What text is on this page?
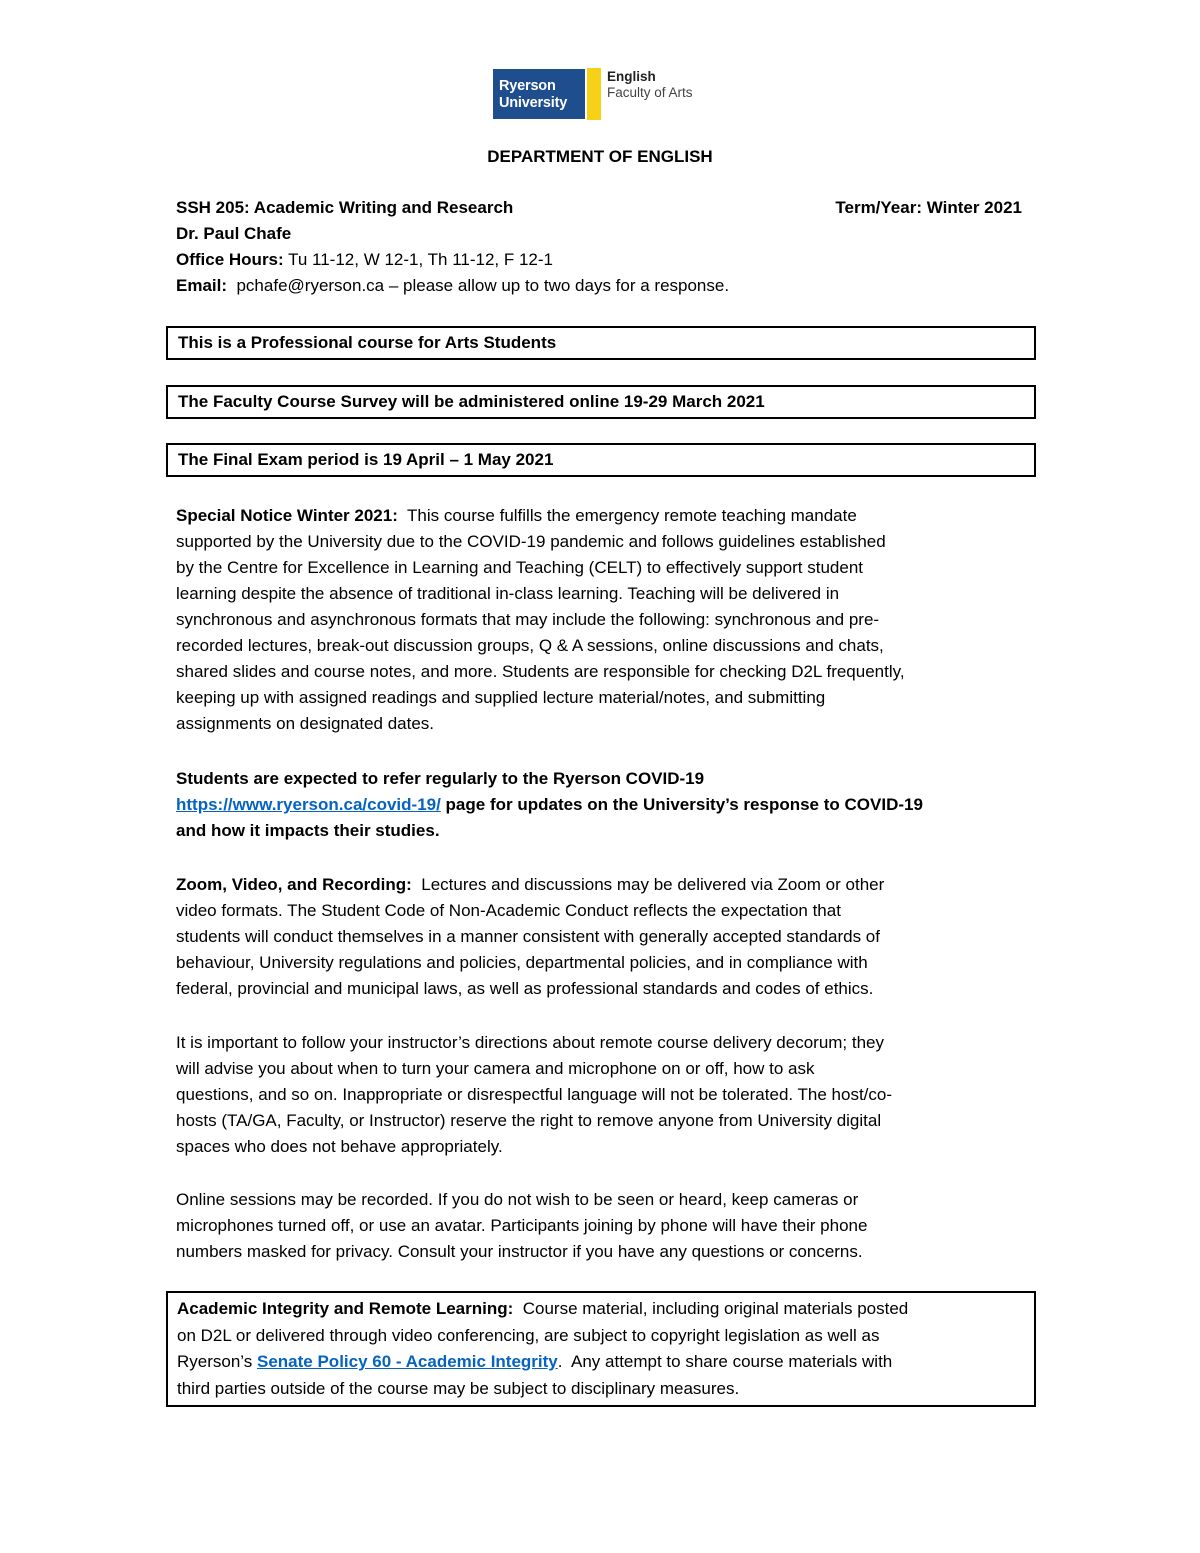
Ryerson
University
English
Faculty of Arts
DEPARTMENT OF ENGLISH

SSH 205: Academic Writing and Research

Dr. Paul Chafe

Office Hours: Tu 11-12, W 12-1, Th 11-12, F 12-1

Email:  pchafe@ryerson.ca – please allow up to two days for a response.

Term/Year: Winter 2021
This is a Professional course for Arts Students
The Faculty Course Survey will be administered online 19-29 March 2021
The Final Exam period is 19 April – 1 May 2021

Special Notice Winter 2021:  This course fulfills the emergency remote teaching mandate

supported by the University due to the COVID-19 pandemic and follows guidelines established

by the Centre for Excellence in Learning and Teaching (CELT) to effectively support student

learning despite the absence of traditional in-class learning. Teaching will be delivered in

synchronous and asynchronous formats that may include the following: synchronous and pre-

recorded lectures, break-out discussion groups, Q & A sessions, online discussions and chats,

shared slides and course notes, and more. Students are responsible for checking D2L frequently,

keeping up with assigned readings and supplied lecture material/notes, and submitting

assignments on designated dates.

Students are expected to refer regularly to the Ryerson COVID-19

https://www.ryerson.ca/covid-19/ page for updates on the University’s response to COVID-19

and how it impacts their studies.

Zoom, Video, and Recording:  Lectures and discussions may be delivered via Zoom or other

video formats. The Student Code of Non-Academic Conduct reflects the expectation that

students will conduct themselves in a manner consistent with generally accepted standards of

behaviour, University regulations and policies, departmental policies, and in compliance with

federal, provincial and municipal laws, as well as professional standards and codes of ethics.

It is important to follow your instructor’s directions about remote course delivery decorum; they

will advise you about when to turn your camera and microphone on or off, how to ask

questions, and so on. Inappropriate or disrespectful language will not be tolerated. The host/co-

hosts (TA/GA, Faculty, or Instructor) reserve the right to remove anyone from University digital

spaces who does not behave appropriately.

Online sessions may be recorded. If you do not wish to be seen or heard, keep cameras or

microphones turned off, or use an avatar. Participants joining by phone will have their phone

numbers masked for privacy. Consult your instructor if you have any questions or concerns.

Academic Integrity and Remote Learning:  Course material, including original materials posted

on D2L or delivered through video conferencing, are subject to copyright legislation as well as

Ryerson’s Senate Policy 60 - Academic Integrity.  Any attempt to share course materials with

third parties outside of the course may be subject to disciplinary measures.
